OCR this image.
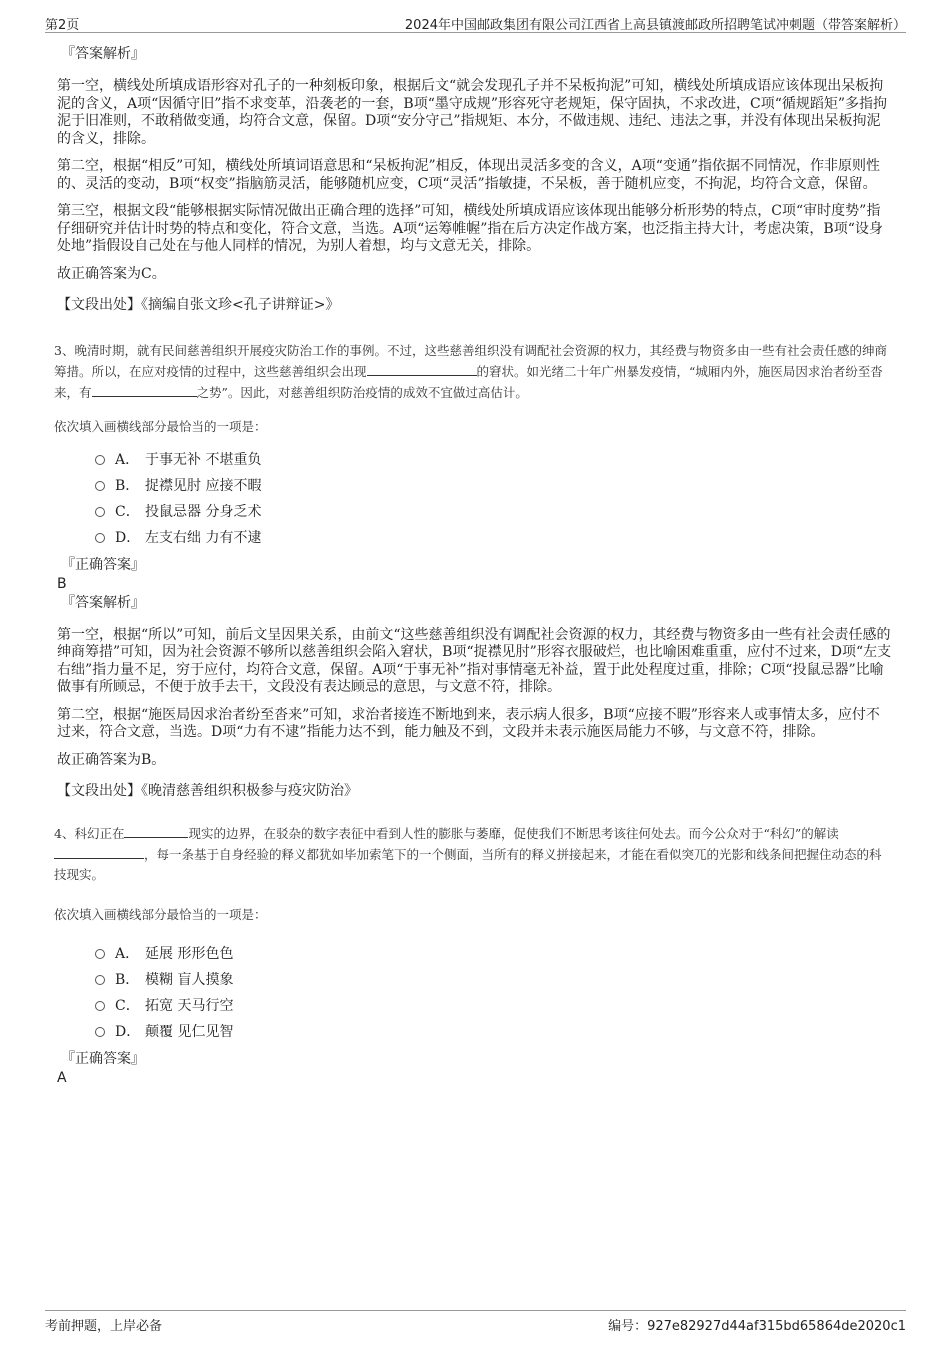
第2页	2024年中国邮政集团有限公司江西省上高县镇渡邮政所招聘笔试冲刺题（带答案解析）
『答案解析』

第一空，横线处所填成语形容对孔子的一种刻板印象，根据后文“就会发现孔子并不呆板拘泥”可知，横线处所填成语应该体现出呆板拘泥的含义，A项“因循守旧”指不求变革，沿袭老的一套，B项“墨守成规”形容死守老规矩，保守固执，不求改进，C项“循规蹈矩”多指拘泥于旧准则，不敢稍做变通，均符合文意，保留。D项“安分守己”指规矩、本分，不做违规、违纪、违法之事，并没有体现出呆板拘泥的含义，排除。

第二空，根据“相反”可知，横线处所填词语意思和“呆板拘泥”相反，体现出灵活多变的含义，A项“变通”指依据不同情况，作非原则性的、灵活的变动，B项“权变”指脑筋灵活，能够随机应变，C项“灵活”指敏捷，不呆板，善于随机应变，不拘泥，均符合文意，保留。

第三空，根据文段“能够根据实际情况做出正确合理的选择”可知，横线处所填成语应该体现出能够分析形势的特点，C项“审时度势”指仔细研究并估计时势的特点和变化，符合文意，当选。A项“运筹帷幄”指在后方决定作战方案，也泛指主持大计，考虑决策，B项“设身处地”指假设自己处在与他人同样的情况，为别人着想，均与文意无关，排除。

故正确答案为C。

【文段出处】《摘编自张文珍<孔子讲辩证>》

3、晚清时期，就有民间慈善组织开展疫灾防治工作的事例。不过，这些慈善组织没有调配社会资源的权力，其经费与物资多由一些有社会责任感的绅商筹措。所以，在应对疫情的过程中，这些慈善组织会出现	的窘状。如光绪二十年广州暴发疫情，“城厢内外，施医局因求治者纷至沓来，有	之势”。因此，对慈善组织防治疫情的成效不宜做过高估计。
依次填入画横线部分最恰当的一项是：
A． 于事无补 不堪重负
B． 捉襟见肘 应接不暇
C． 投鼠忌器 分身乏术
D． 左支右绌 力有不逮
『正确答案』
B
『答案解析』

第一空，根据“所以”可知，前后文呈因果关系，由前文“这些慈善组织没有调配社会资源的权力，其经费与物资多由一些有社会责任感的绅商筹措”可知，因为社会资源不够所以慈善组织会陷入窘状，B项“捉襟见肘”形容衣服破烂，也比喻困难重重，应付不过来，D项“左支右绌”指力量不足，穷于应付，均符合文意，保留。A项“于事无补”指对事情毫无补益，置于此处程度过重，排除；C项“投鼠忌器”比喻做事有所顾忌，不便于放手去干，文段没有表达顾忌的意思，与文意不符，排除。

第二空，根据“施医局因求治者纷至沓来”可知，求治者接连不断地到来，表示病人很多，B项“应接不暇”形容来人或事情太多，应付不过来，符合文意，当选。D项“力有不逮”指能力达不到，能力触及不到，文段并未表示施医局能力不够，与文意不符，排除。

故正确答案为B。

【文段出处】《晚清慈善组织积极参与疫灾防治》

4、科幻正在	现实的边界，在驳杂的数字表征中看到人性的膨胀与萎靡，促使我们不断思考该往何处去。而今公众对于“科幻”的解读，每一条基于自身经验的释义都犹如毕加索笔下的一个侧面，当所有的释义拼接起来，才能在看似突兀的光影和线条间把握住动态的科技现实。
依次填入画横线部分最恰当的一项是：
A． 延展 形形色色
B． 模糊 盲人摸象
C． 拓宽 天马行空
D． 颠覆 见仁见智
『正确答案』
A
考前押题，上岸必备	编号：927e82927d44af315bd65864de2020c1
